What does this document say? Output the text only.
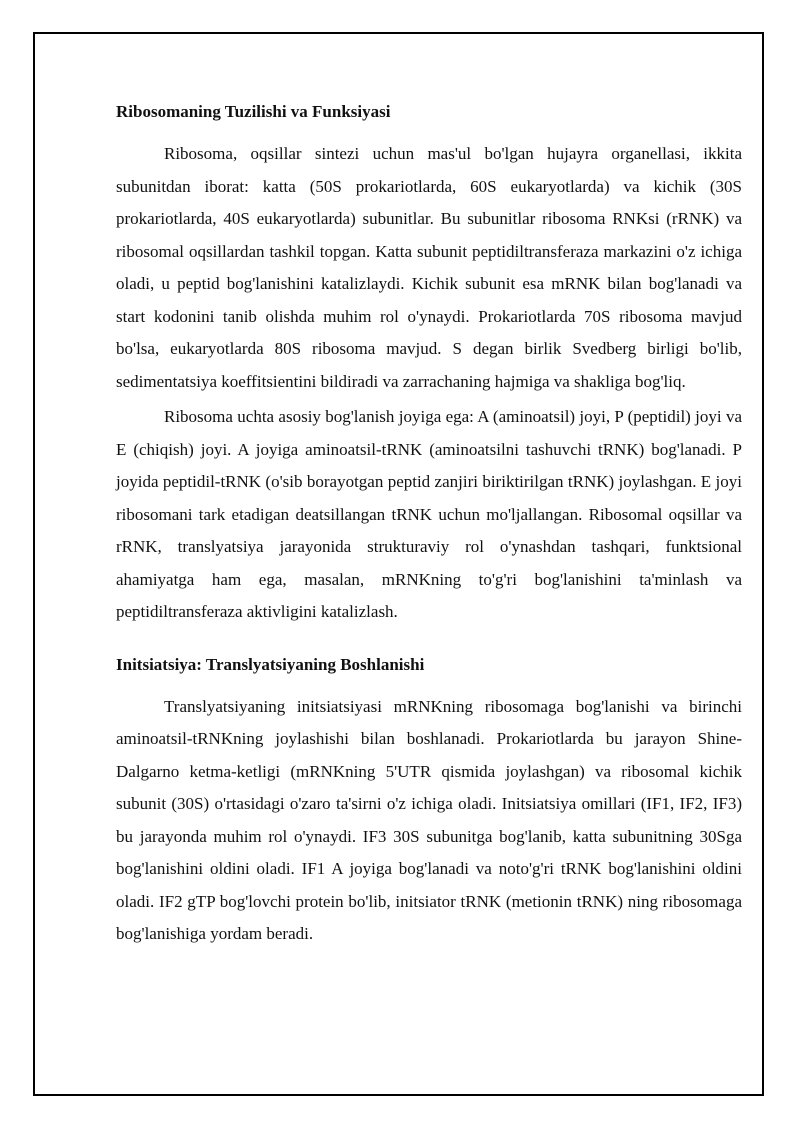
Ribosomaning Tuzilishi va Funksiyasi

Ribosoma, oqsillar sintezi uchun mas'ul bo'lgan hujayra organellasi, ikkita subunitdan iborat: katta (50S prokariotlarda, 60S eukaryotlarda) va kichik (30S prokariotlarda, 40S eukaryotlarda) subunitlar. Bu subunitlar ribosoma RNKsi (rRNK) va ribosomal oqsillardan tashkil topgan. Katta subunit peptidiltransferaza markazini o'z ichiga oladi, u peptid bog'lanishini katalizlaydi. Kichik subunit esa mRNK bilan bog'lanadi va start kodonini tanib olishda muhim rol o'ynaydi. Prokariotlarda 70S ribosoma mavjud bo'lsa, eukaryotlarda 80S ribosoma mavjud. S degan birlik Svedberg birligi bo'lib, sedimentatsiya koeffitsientini bildiradi va zarrachaning hajmiga va shakliga bog'liq.

Ribosoma uchta asosiy bog'lanish joyiga ega: A (aminoatsil) joyi, P (peptidil) joyi va E (chiqish) joyi. A joyiga aminoatsil-tRNK (aminoatsilni tashuvchi tRNK) bog'lanadi. P joyida peptidil-tRNK (o'sib borayotgan peptid zanjiri biriktirilgan tRNK) joylashgan. E joyi ribosomani tark etadigan deatsillangan tRNK uchun mo'ljallangan. Ribosomal oqsillar va rRNK, translyatsiya jarayonida strukturaviy rol o'ynashdan tashqari, funktsional ahamiyatga ham ega, masalan, mRNKning to'g'ri bog'lanishini ta'minlash va peptidiltransferaza aktivligini katalizlash.

Initsiatsiya: Translyatsiyaning Boshlanishi

Translyatsiyaning initsiatsiyasi mRNKning ribosomaga bog'lanishi va birinchi aminoatsil-tRNKning joylashishi bilan boshlanadi. Prokariotlarda bu jarayon Shine-Dalgarno ketma-ketligi (mRNKning 5'UTR qismida joylashgan) va ribosomal kichik subunit (30S) o'rtasidagi o'zaro ta'sirni o'z ichiga oladi. Initsiatsiya omillari (IF1, IF2, IF3) bu jarayonda muhim rol o'ynaydi. IF3 30S subunitga bog'lanib, katta subunitning 30Sga bog'lanishini oldini oladi. IF1 A joyiga bog'lanadi va noto'g'ri tRNK bog'lanishini oldini oladi. IF2 gTP bog'lovchi protein bo'lib, initsiator tRNK (metionin tRNK) ning ribosomaga bog'lanishiga yordam beradi.
